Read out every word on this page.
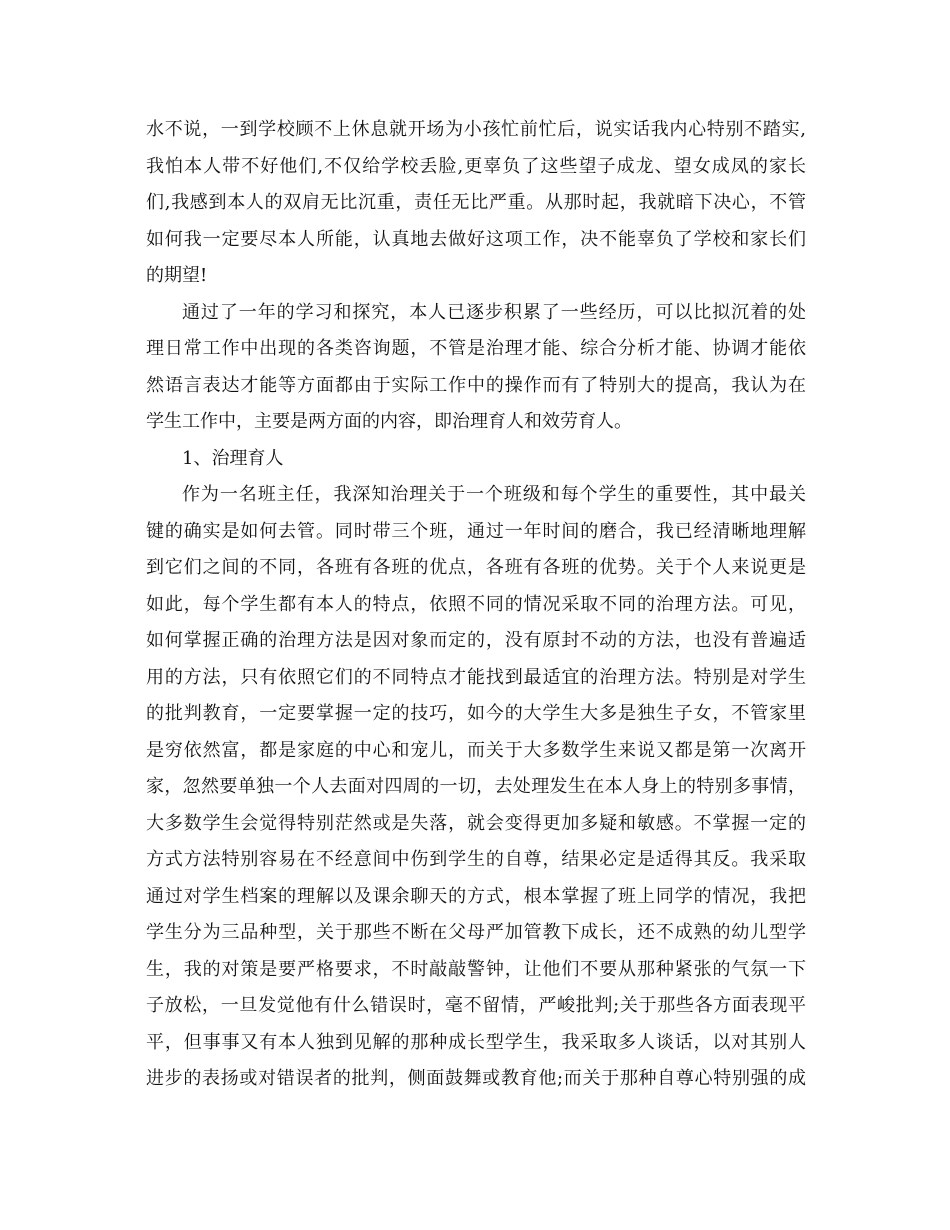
水不说，一到学校顾不上休息就开场为小孩忙前忙后，说实话我内心特别不踏实,
我怕本人带不好他们,不仅给学校丢脸,更辜负了这些望子成龙、望女成凤的家长
们,我感到本人的双肩无比沉重，责任无比严重。从那时起，我就暗下决心，不管
如何我一定要尽本人所能，认真地去做好这项工作，决不能辜负了学校和家长们
的期望!
通过了一年的学习和探究，本人已逐步积累了一些经历，可以比拟沉着的处
理日常工作中出现的各类咨询题，不管是治理才能、综合分析才能、协调才能依
然语言表达才能等方面都由于实际工作中的操作而有了特别大的提高，我认为在
学生工作中，主要是两方面的内容，即治理育人和效劳育人。
1、治理育人
作为一名班主任，我深知治理关于一个班级和每个学生的重要性，其中最关
键的确实是如何去管。同时带三个班，通过一年时间的磨合，我已经清晰地理解
到它们之间的不同，各班有各班的优点，各班有各班的优势。关于个人来说更是
如此，每个学生都有本人的特点，依照不同的情况采取不同的治理方法。可见，
如何掌握正确的治理方法是因对象而定的，没有原封不动的方法，也没有普遍适
用的方法，只有依照它们的不同特点才能找到最适宜的治理方法。特别是对学生
的批判教育，一定要掌握一定的技巧，如今的大学生大多是独生子女，不管家里
是穷依然富，都是家庭的中心和宠儿，而关于大多数学生来说又都是第一次离开
家，忽然要单独一个人去面对四周的一切，去处理发生在本人身上的特别多事情，
大多数学生会觉得特别茫然或是失落，就会变得更加多疑和敏感。不掌握一定的
方式方法特别容易在不经意间中伤到学生的自尊，结果必定是适得其反。我采取
通过对学生档案的理解以及课余聊天的方式，根本掌握了班上同学的情况，我把
学生分为三品种型，关于那些不断在父母严加管教下成长，还不成熟的幼儿型学
生，我的对策是要严格要求，不时敲敲警钟，让他们不要从那种紧张的气氛一下
子放松，一旦发觉他有什么错误时，毫不留情，严峻批判;关于那些各方面表现平
平，但事事又有本人独到见解的那种成长型学生，我采取多人谈话，以对其别人
进步的表扬或对错误者的批判，侧面鼓舞或教育他;而关于那种自尊心特别强的成
